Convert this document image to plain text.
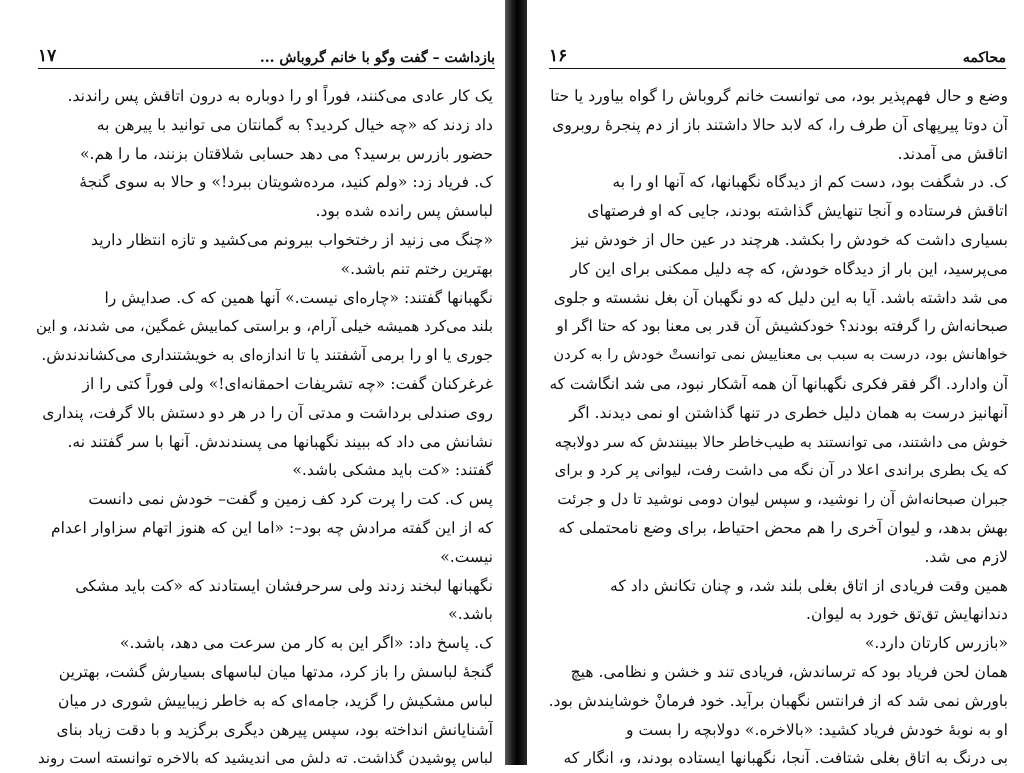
بازداشت – گفت وگو با خانم گروباش ...
۱۷
یک کار عادی می‌کنند، فوراً او را دوباره به درون اتاقش پس راندند.
داد زدند که «چه خیال کردید؟ به گمانتان می توانید با پیرهن به
حضور بازرس برسید؟ می دهد حسابی شلاقتان بزنند، ما را هم.»
ک. فریاد زد: «ولم کنید، مرده‌شویتان ببرد!» و حالا به سوی گنجهٔ
لباسش پس رانده شده بود.
«چنگ می زنید از رختخواب بیرونم می‌کشید و تازه انتظار دارید
بهترین رختم تنم باشد.»
نگهبانها گفتند: «چاره‌ای نیست.» آنها همین که ک. صدایش را
بلند می‌کرد همیشه خیلی آرام، و براستی کمابیش غمگین، می شدند، و این
جوری یا او را برمی آشفتند یا تا اندازه‌ای به خویشتنداری می‌کشاندندش.
غرغرکنان گفت: «چه تشریفات احمقانه‌ای!» ولی فوراً کتی را از
روی صندلی برداشت و مدتی آن را در هر دو دستش بالا گرفت، پنداری
نشانش می داد که ببیند نگهبانها می پسندندش. آنها با سر گفتند نه.
گفتند: «کت باید مشکی باشد.»
پس ک. کت را پرت کرد کف زمین و گفت– خودش نمی دانست
که از این گفته مرادش چه بود–: «اما این که هنوز اتهام سزاوار اعدام
نیست.»
نگهبانها لبخند زدند ولی سرحرفشان ایستادند که «کت باید مشکی
باشد.»
ک. پاسخ داد: «اگر این به کار من سرعت می دهد، باشد.»
گنجهٔ لباسش را باز کرد، مدتها میان لباسهای بسیارش گشت، بهترین
لباس مشکیش را گزید، جامه‌ای که به خاطر زیباییش شوری در میان
آشنایانش انداخته بود، سپس پیرهن دیگری برگزید و با دقت زیاد بنای
لباس پوشیدن گذاشت. ته دلش می اندیشید که بالاخره توانسته است روند
محاکمه
۱۶
وضع و حال فهم‌پذیر بود، می توانست خانم گروباش را گواه بیاورد یا حتا
آن دوتا پیرپهای آن طرف را، که لابد حالا داشتند باز از دم پنجرهٔ روبروی
اتاقش می آمدند.
ک. در شگفت بود، دست کم از دیدگاه نگهبانها، که آنها او را به
اتاقش فرستاده و آنجا تنهایش گذاشته بودند، جایی که او فرصتهای
بسیاری داشت که خودش را بکشد. هرچند در عین حال از خودش نیز
می‌پرسید، این بار از دیدگاه خودش، که چه دلیل ممکنی برای این کار
می شد داشته باشد. آیا به این دلیل که دو نگهبان آن بغل نشسته و جلوی
صبحانه‌اش را گرفته بودند؟ خودکشیش آن قدر بی معنا بود که حتا اگر او
خواهانش بود، درست به سبب بی معناییش نمی توانستْ خودش را به کردن
آن وادارد. اگر فقر فکری نگهبانها آن همه آشکار نبود، می شد انگاشت که
آنهانیز درست به همان دلیل خطری در تنها گذاشتن او نمی دیدند. اگر
خوش می داشتند، می توانستند به طیب‌خاطر حالا ببینندش که سر دولابچه
که یک بطری براندی اعلا در آن نگه می داشت رفت، لیوانی پر کرد و برای
جبران صبحانه‌اش آن را نوشید، و سپس لیوان دومی نوشید تا دل و جرئت
بهش بدهد، و لیوان آخری را هم محض احتیاط، برای وضع نامحتملی که
لازم می شد.
همین وقت فریادی از اتاق بغلی بلند شد، و چنان تکانش داد که
دندانهایش تق‌تق خورد به لیوان.
«بازرس کارتان دارد.»
همان لحن فریاد بود که ترساندش، فریادی تند و خشن و نظامی. هیچ
باورش نمی شد که از فرانتس نگهبان برآید. خود فرمانْ خوشایندش بود.
او به نوبهٔ خودش فریاد کشید: «بالاخره.» دولابچه را بست و
بی درنگ به اتاق بغلی شتافت. آنجا، نگهبانها ایستاده بودند، و، انگار که
